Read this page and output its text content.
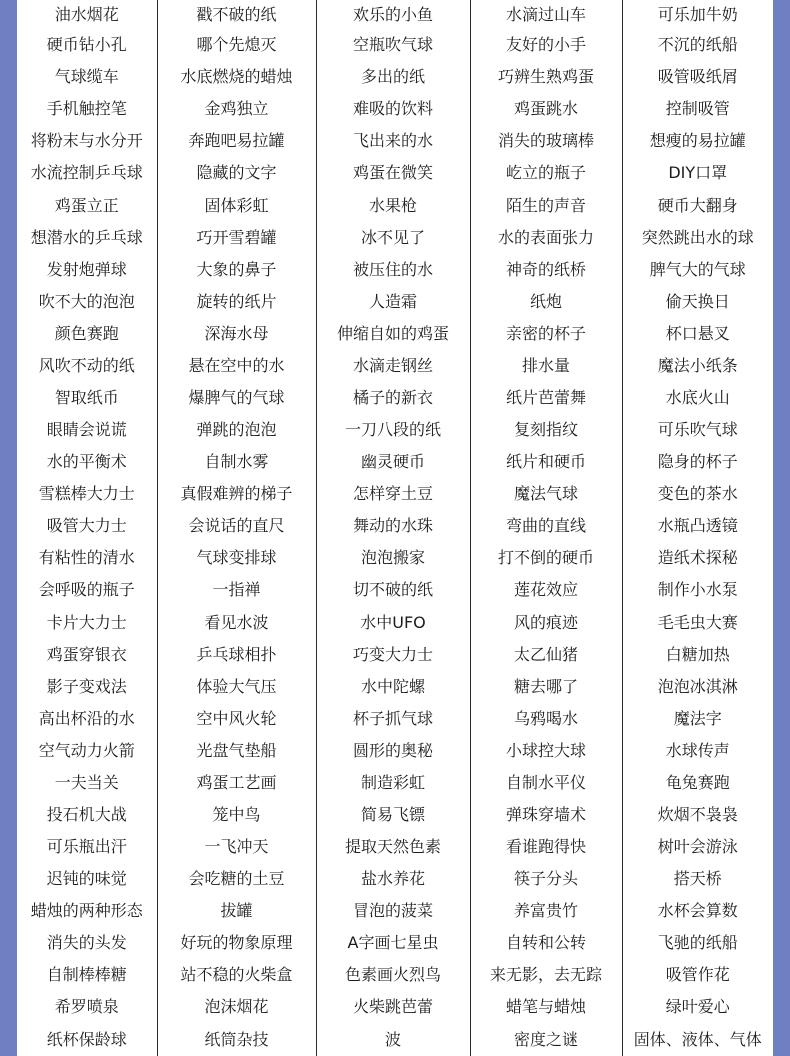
油水烟花	戳不破的纸	欢乐的小鱼	水滴过山车	可乐加牛奶
硬币钻小孔	哪个先熄灭	空瓶吹气球	友好的小手	不沉的纸船
气球缆车	水底燃烧的蜡烛	多出的纸	巧辨生熟鸡蛋	吸管吸纸屑
手机触控笔	金鸡独立	难吸的饮料	鸡蛋跳水	控制吸管
将粉末与水分开	奔跑吧易拉罐	飞出来的水	消失的玻璃棒	想瘦的易拉罐
水流控制乒乓球	隐藏的文字	鸡蛋在微笑	屹立的瓶子	DIY口罩
鸡蛋立正	固体彩虹	水果枪	陌生的声音	硬币大翻身
想潜水的乒乓球	巧开雪碧罐	冰不见了	水的表面张力	突然跳出水的球
发射炮弹球	大象的鼻子	被压住的水	神奇的纸桥	脾气大的气球
吹不大的泡泡	旋转的纸片	人造霜	纸炮	偷天换日
颜色赛跑	深海水母	伸缩自如的鸡蛋	亲密的杯子	杯口悬叉
风吹不动的纸	悬在空中的水	水滴走钢丝	排水量	魔法小纸条
智取纸币	爆脾气的气球	橘子的新衣	纸片芭蕾舞	水底火山
眼睛会说谎	弹跳的泡泡	一刀八段的纸	复刻指纹	可乐吹气球
水的平衡术	自制水雾	幽灵硬币	纸片和硬币	隐身的杯子
雪糕棒大力士	真假难辨的梯子	怎样穿土豆	魔法气球	变色的茶水
吸管大力士	会说话的直尺	舞动的水珠	弯曲的直线	水瓶凸透镜
有粘性的清水	气球变排球	泡泡搬家	打不倒的硬币	造纸术探秘
会呼吸的瓶子	一指禅	切不破的纸	莲花效应	制作小水泵
卡片大力士	看见水波	水中UFO	风的痕迹	毛毛虫大赛
鸡蛋穿银衣	乒乓球相扑	巧变大力士	太乙仙猪	白糖加热
影子变戏法	体验大气压	水中陀螺	糖去哪了	泡泡冰淇淋
高出杯沿的水	空中风火轮	杯子抓气球	乌鸦喝水	魔法字
空气动力火箭	光盘气垫船	圆形的奥秘	小球控大球	水球传声
一夫当关	鸡蛋工艺画	制造彩虹	自制水平仪	龟兔赛跑
投石机大战	笼中鸟	简易飞镖	弹珠穿墙术	炊烟不袅袅
可乐瓶出汗	一飞冲天	提取天然色素	看谁跑得快	树叶会游泳
迟钝的味觉	会吃糖的土豆	盐水养花	筷子分头	搭天桥
蜡烛的两种形态	拔罐	冒泡的菠菜	养富贵竹	水杯会算数
消失的头发	好玩的物象原理	A字画七星虫	自转和公转	飞驰的纸船
自制棒棒糖	站不稳的火柴盒	色素画火烈鸟	来无影，去无踪	吸管作花
希罗喷泉	泡沫烟花	火柴跳芭蕾	蜡笔与蜡烛	绿叶爱心
纸杯保龄球	纸筒杂技	波	密度之谜	固体、液体、气体
